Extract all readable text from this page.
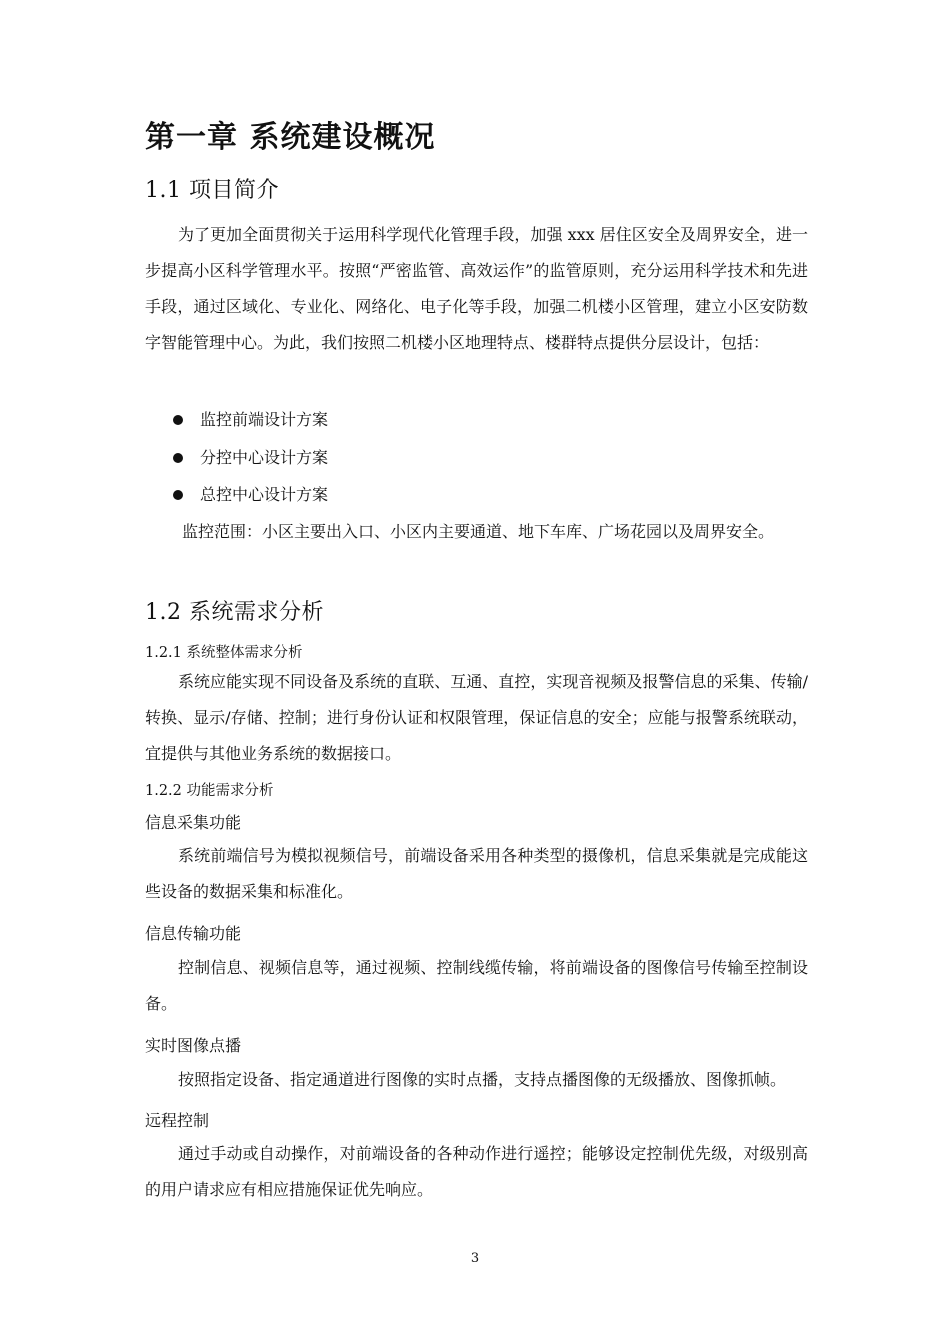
第一章 系统建设概况
1.1 项目简介

为了更加全面贯彻关于运用科学现代化管理手段，加强 xxx 居住区安全及周界安全，进一步提高小区科学管理水平。按照“严密监管、高效运作”的监管原则，充分运用科学技术和先进手段，通过区域化、专业化、网络化、电子化等手段，加强二机楼小区管理，建立小区安防数字智能管理中心。为此，我们按照二机楼小区地理特点、楼群特点提供分层设计，包括：

监控前端设计方案
分控中心设计方案
总控中心设计方案

监控范围：小区主要出入口、小区内主要通道、地下车库、广场花园以及周界安全。

1.2 系统需求分析
1.2.1 系统整体需求分析

系统应能实现不同设备及系统的直联、互通、直控，实现音视频及报警信息的采集、传输/转换、显示/存储、控制；进行身份认证和权限管理，保证信息的安全；应能与报警系统联动，宜提供与其他业务系统的数据接口。

1.2.2 功能需求分析
信息采集功能

系统前端信号为模拟视频信号，前端设备采用各种类型的摄像机，信息采集就是完成能这些设备的数据采集和标准化。

信息传输功能

控制信息、视频信息等，通过视频、控制线缆传输，将前端设备的图像信号传输至控制设备。

实时图像点播

按照指定设备、指定通道进行图像的实时点播，支持点播图像的无级播放、图像抓帧。

远程控制

通过手动或自动操作，对前端设备的各种动作进行遥控；能够设定控制优先级，对级别高的用户请求应有相应措施保证优先响应。

3
